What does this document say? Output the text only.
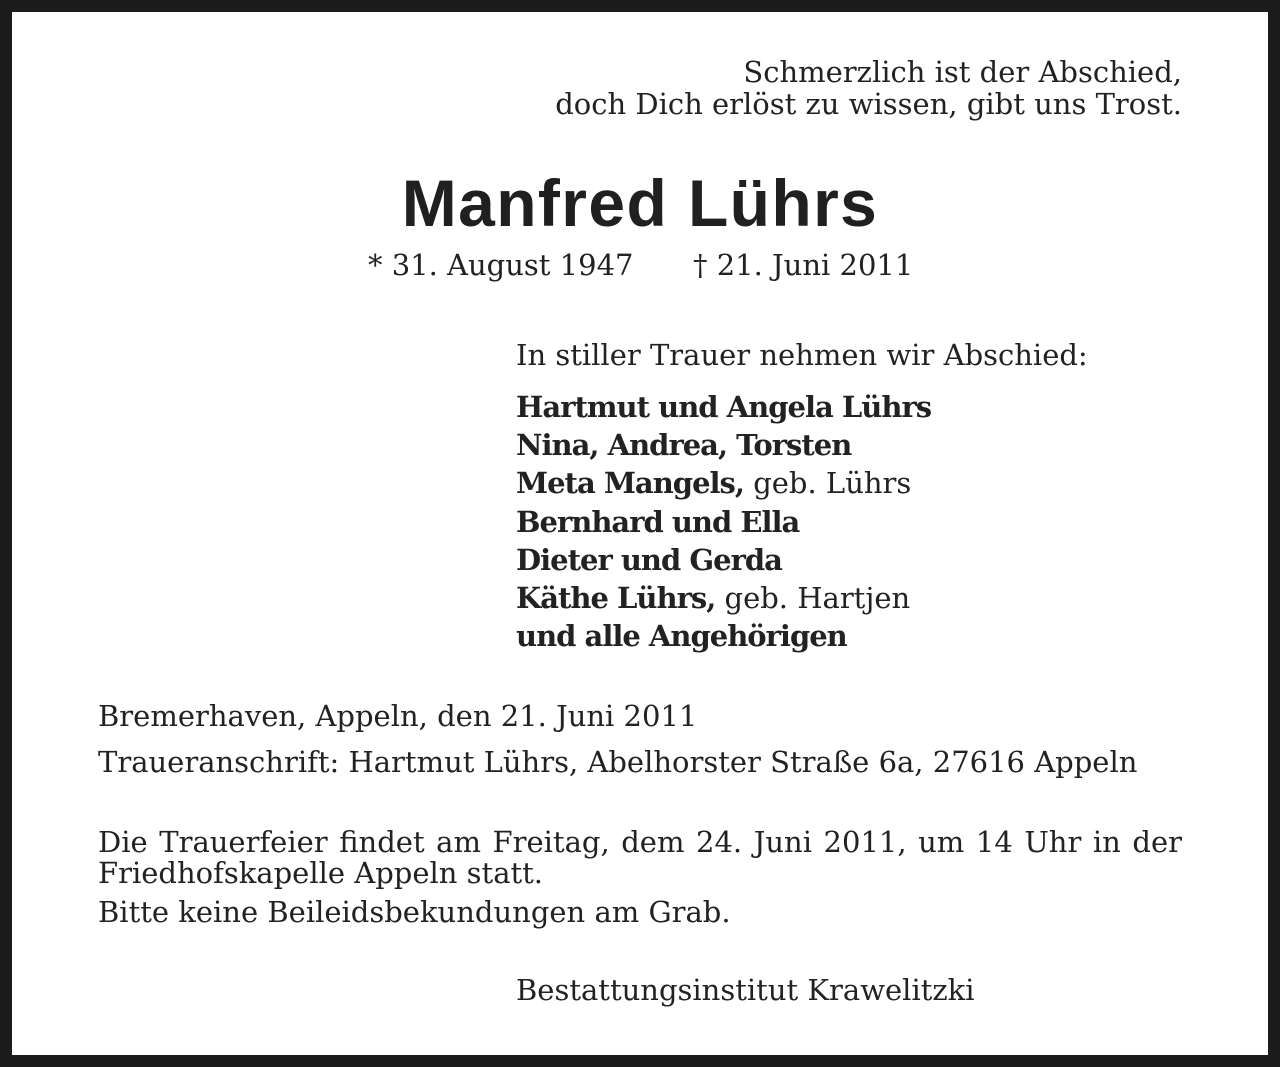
Schmerzlich ist der Abschied,
doch Dich erlöst zu wissen, gibt uns Trost.
Manfred Lührs
* 31. August 1947 † 21. Juni 2011
In stiller Trauer nehmen wir Abschied:
Hartmut und Angela Lührs
Nina, Andrea, Torsten
Meta Mangels, geb. Lührs
Bernhard und Ella
Dieter und Gerda
Käthe Lührs, geb. Hartjen
und alle Angehörigen
Bremerhaven, Appeln, den 21. Juni 2011
Traueranschrift: Hartmut Lührs, Abelhorster Straße 6a, 27616 Appeln
Die Trauerfeier findet am Freitag, dem 24. Juni 2011, um 14 Uhr in der
Friedhofskapelle Appeln statt.
Bitte keine Beileidsbekundungen am Grab.
Bestattungsinstitut Krawelitzki
